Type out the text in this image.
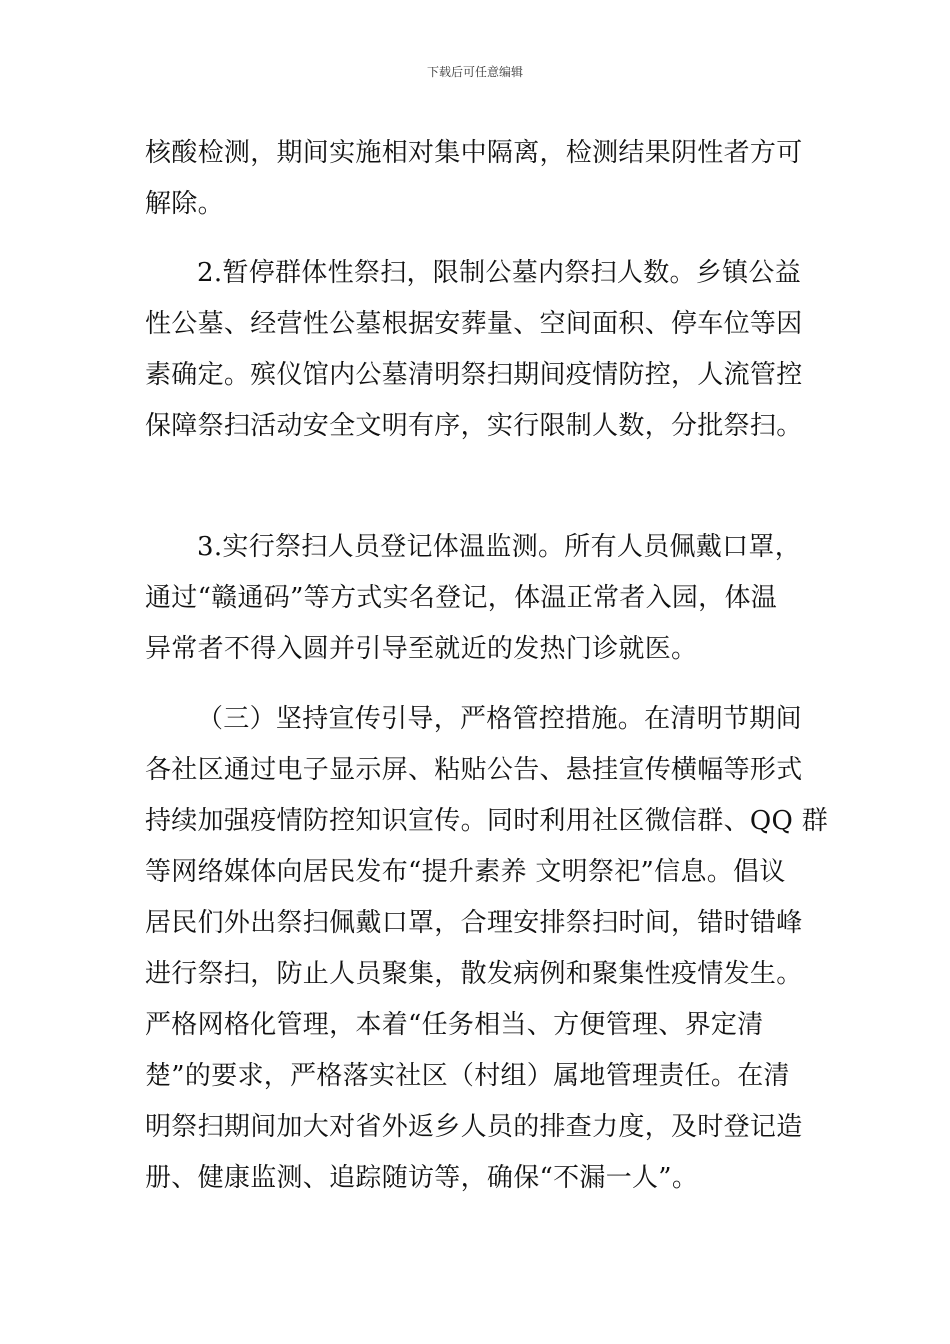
下载后可任意编辑
核酸检测，期间实施相对集中隔离，检测结果阴性者方可
解除。
2.暂停群体性祭扫，限制公墓内祭扫人数。乡镇公益
性公墓、经营性公墓根据安葬量、空间面积、停车位等因
素确定。殡仪馆内公墓清明祭扫期间疫情防控，人流管控
保障祭扫活动安全文明有序，实行限制人数，分批祭扫。
3.实行祭扫人员登记体温监测。所有人员佩戴口罩，
通过“赣通码”等方式实名登记，体温正常者入园，体温
异常者不得入圆并引导至就近的发热门诊就医。
（三）坚持宣传引导，严格管控措施。在清明节期间
各社区通过电子显示屏、粘贴公告、悬挂宣传横幅等形式
持续加强疫情防控知识宣传。同时利用社区微信群、QQ 群
等网络媒体向居民发布“提升素养 文明祭祀”信息。倡议
居民们外出祭扫佩戴口罩，合理安排祭扫时间，错时错峰
进行祭扫，防止人员聚集，散发病例和聚集性疫情发生。
严格网格化管理，本着“任务相当、方便管理、界定清
楚”的要求，严格落实社区（村组）属地管理责任。在清
明祭扫期间加大对省外返乡人员的排查力度，及时登记造
册、健康监测、追踪随访等，确保“不漏一人”。
